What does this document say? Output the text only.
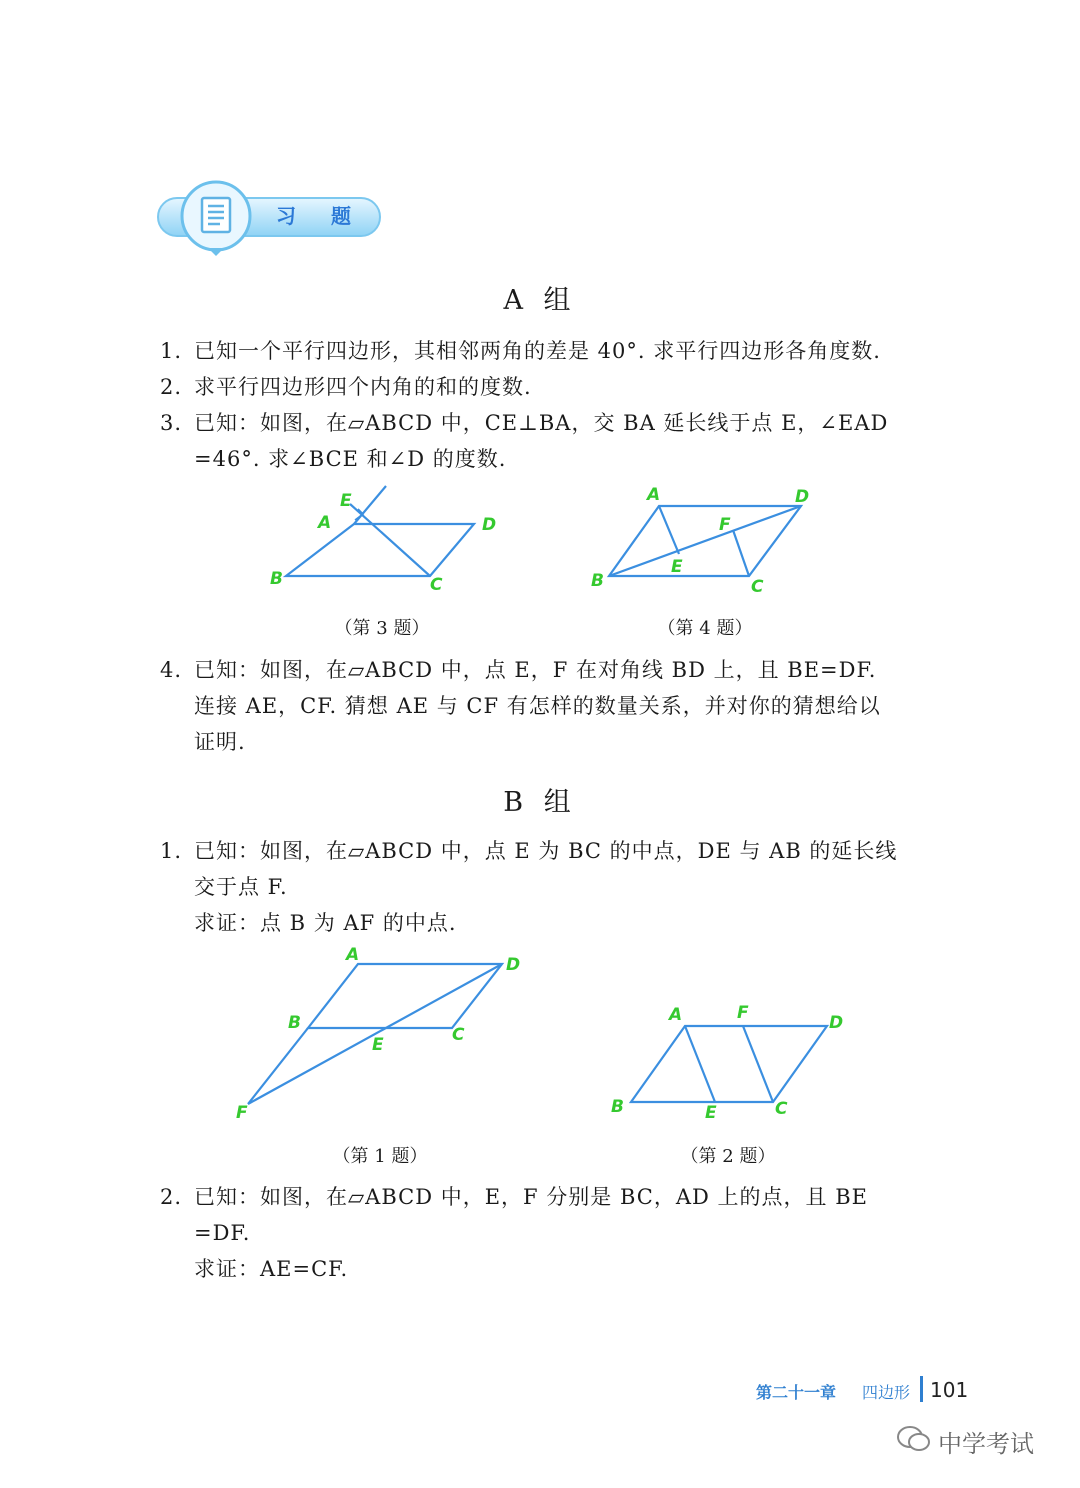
习 题
A 组
1. 已知一个平行四边形，其相邻两角的差是 40°. 求平行四边形各角度数.
2. 求平行四边形四个内角的和的度数.
3. 已知：如图，在▱ABCD 中，CE⊥BA，交 BA 延长线于点 E，∠EAD
=46°. 求∠BCE 和∠D 的度数.
E
A	D
B	C
（第 3 题）
A	D
F
E
B	C
（第 4 题）
4. 已知：如图，在▱ABCD 中，点 E，F 在对角线 BD 上，且 BE=DF.
连接 AE，CF. 猜想 AE 与 CF 有怎样的数量关系，并对你的猜想给以
证明.
B 组
1. 已知：如图，在▱ABCD 中，点 E 为 BC 的中点，DE 与 AB 的延长线
交于点 F.
求证：点 B 为 AF 的中点.
A	D
B
C
E
F
（第 1 题）
A	F	D
B	E	C
（第 2 题）
2. 已知：如图，在▱ABCD 中，E，F 分别是 BC，AD 上的点，且 BE
=DF.
求证：AE=CF.
第二十一章 四边形 101
中学考试
